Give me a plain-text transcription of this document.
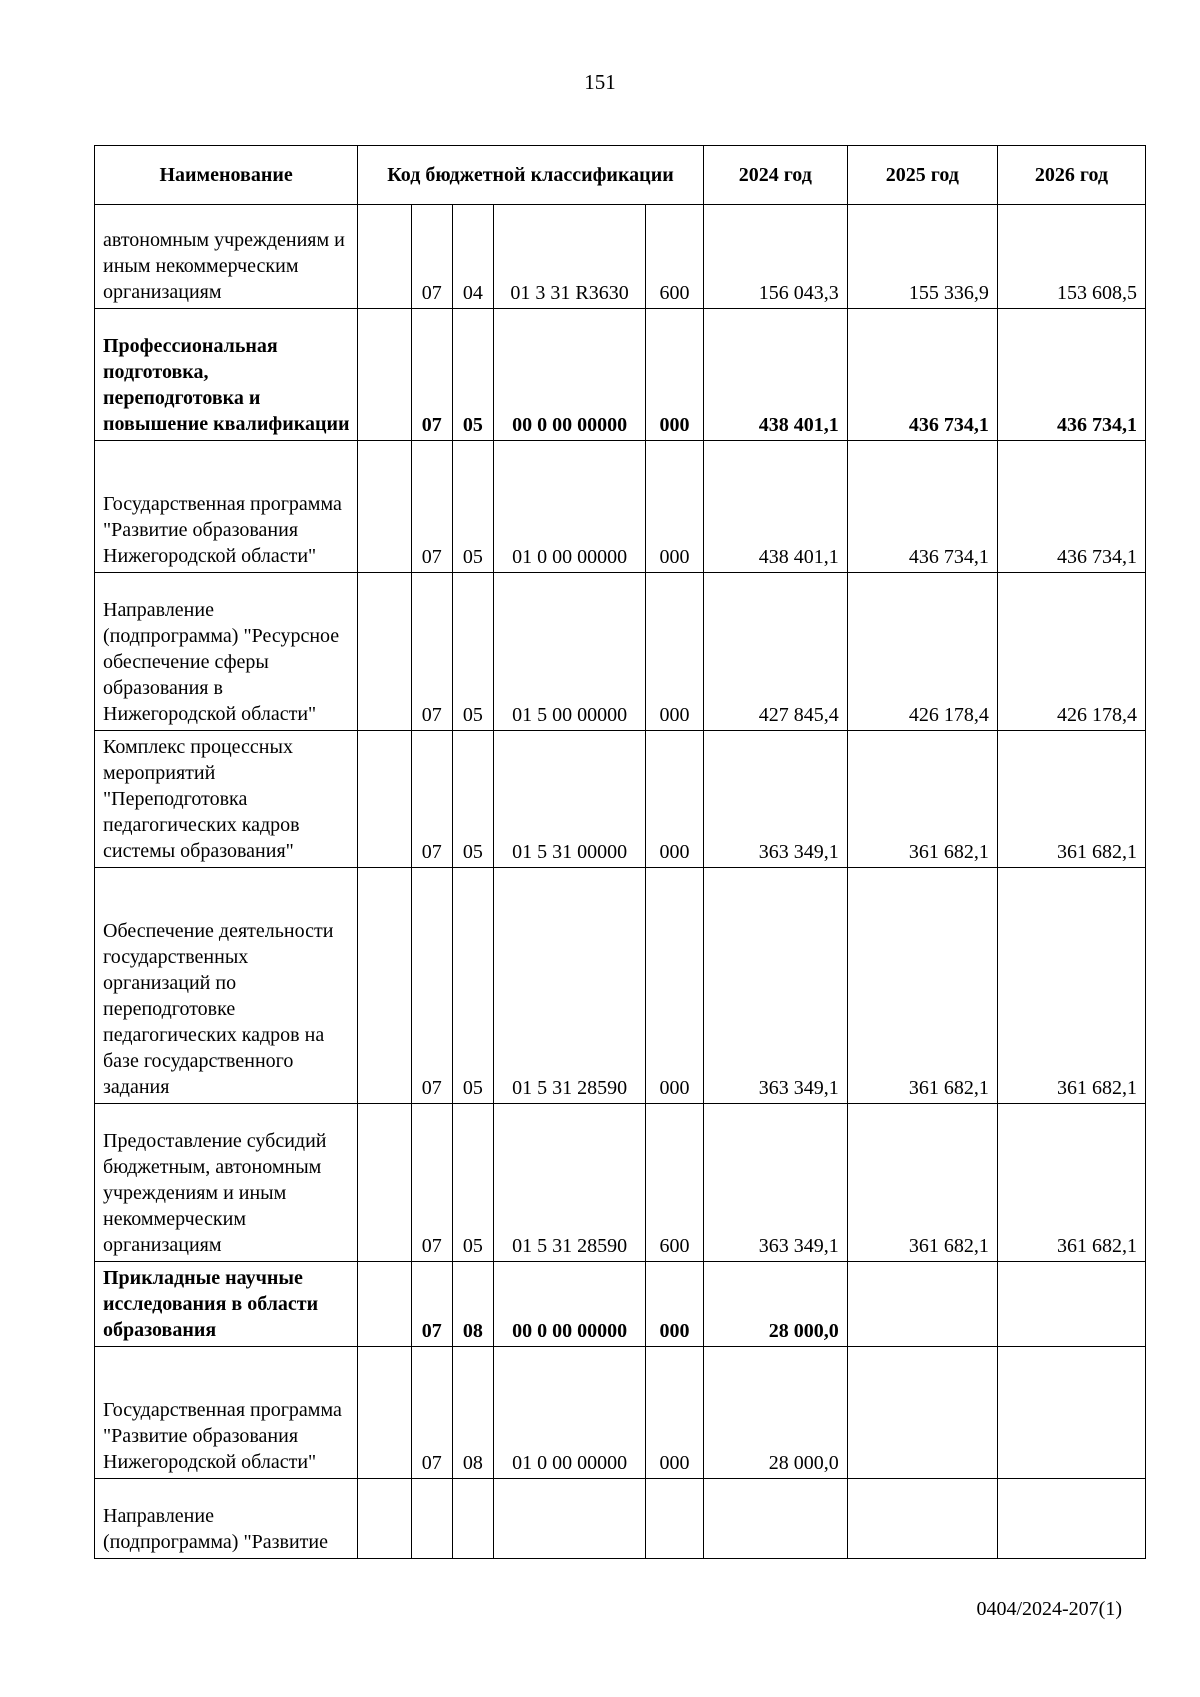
151
Наименование	Код бюджетной классификации					2024 год	2025 год	2026 год
автономным учреждениям и иным некоммерческим организациям		07	04	01 3 31 R3630	600	156 043,3	155 336,9	153 608,5
Профессиональная подготовка, переподготовка и повышение квалификации		07	05	00 0 00 00000	000	438 401,1	436 734,1	436 734,1
Государственная программа "Развитие образования Нижегородской области"		07	05	01 0 00 00000	000	438 401,1	436 734,1	436 734,1
Направление (подпрограмма) "Ресурсное обеспечение сферы образования в Нижегородской области"		07	05	01 5 00 00000	000	427 845,4	426 178,4	426 178,4
Комплекс процессных мероприятий "Переподготовка педагогических кадров системы образования"		07	05	01 5 31 00000	000	363 349,1	361 682,1	361 682,1
Обеспечение деятельности государственных организаций по переподготовке педагогических кадров на базе государственного задания		07	05	01 5 31 28590	000	363 349,1	361 682,1	361 682,1
Предоставление субсидий бюджетным, автономным учреждениям и иным некоммерческим организациям		07	05	01 5 31 28590	600	363 349,1	361 682,1	361 682,1
Прикладные научные исследования в области образования		07	08	00 0 00 00000	000	28 000,0		
Государственная программа "Развитие образования Нижегородской области"		07	08	01 0 00 00000	000	28 000,0		
Направление (подпрограмма) "Развитие								
0404/2024-207(1)
